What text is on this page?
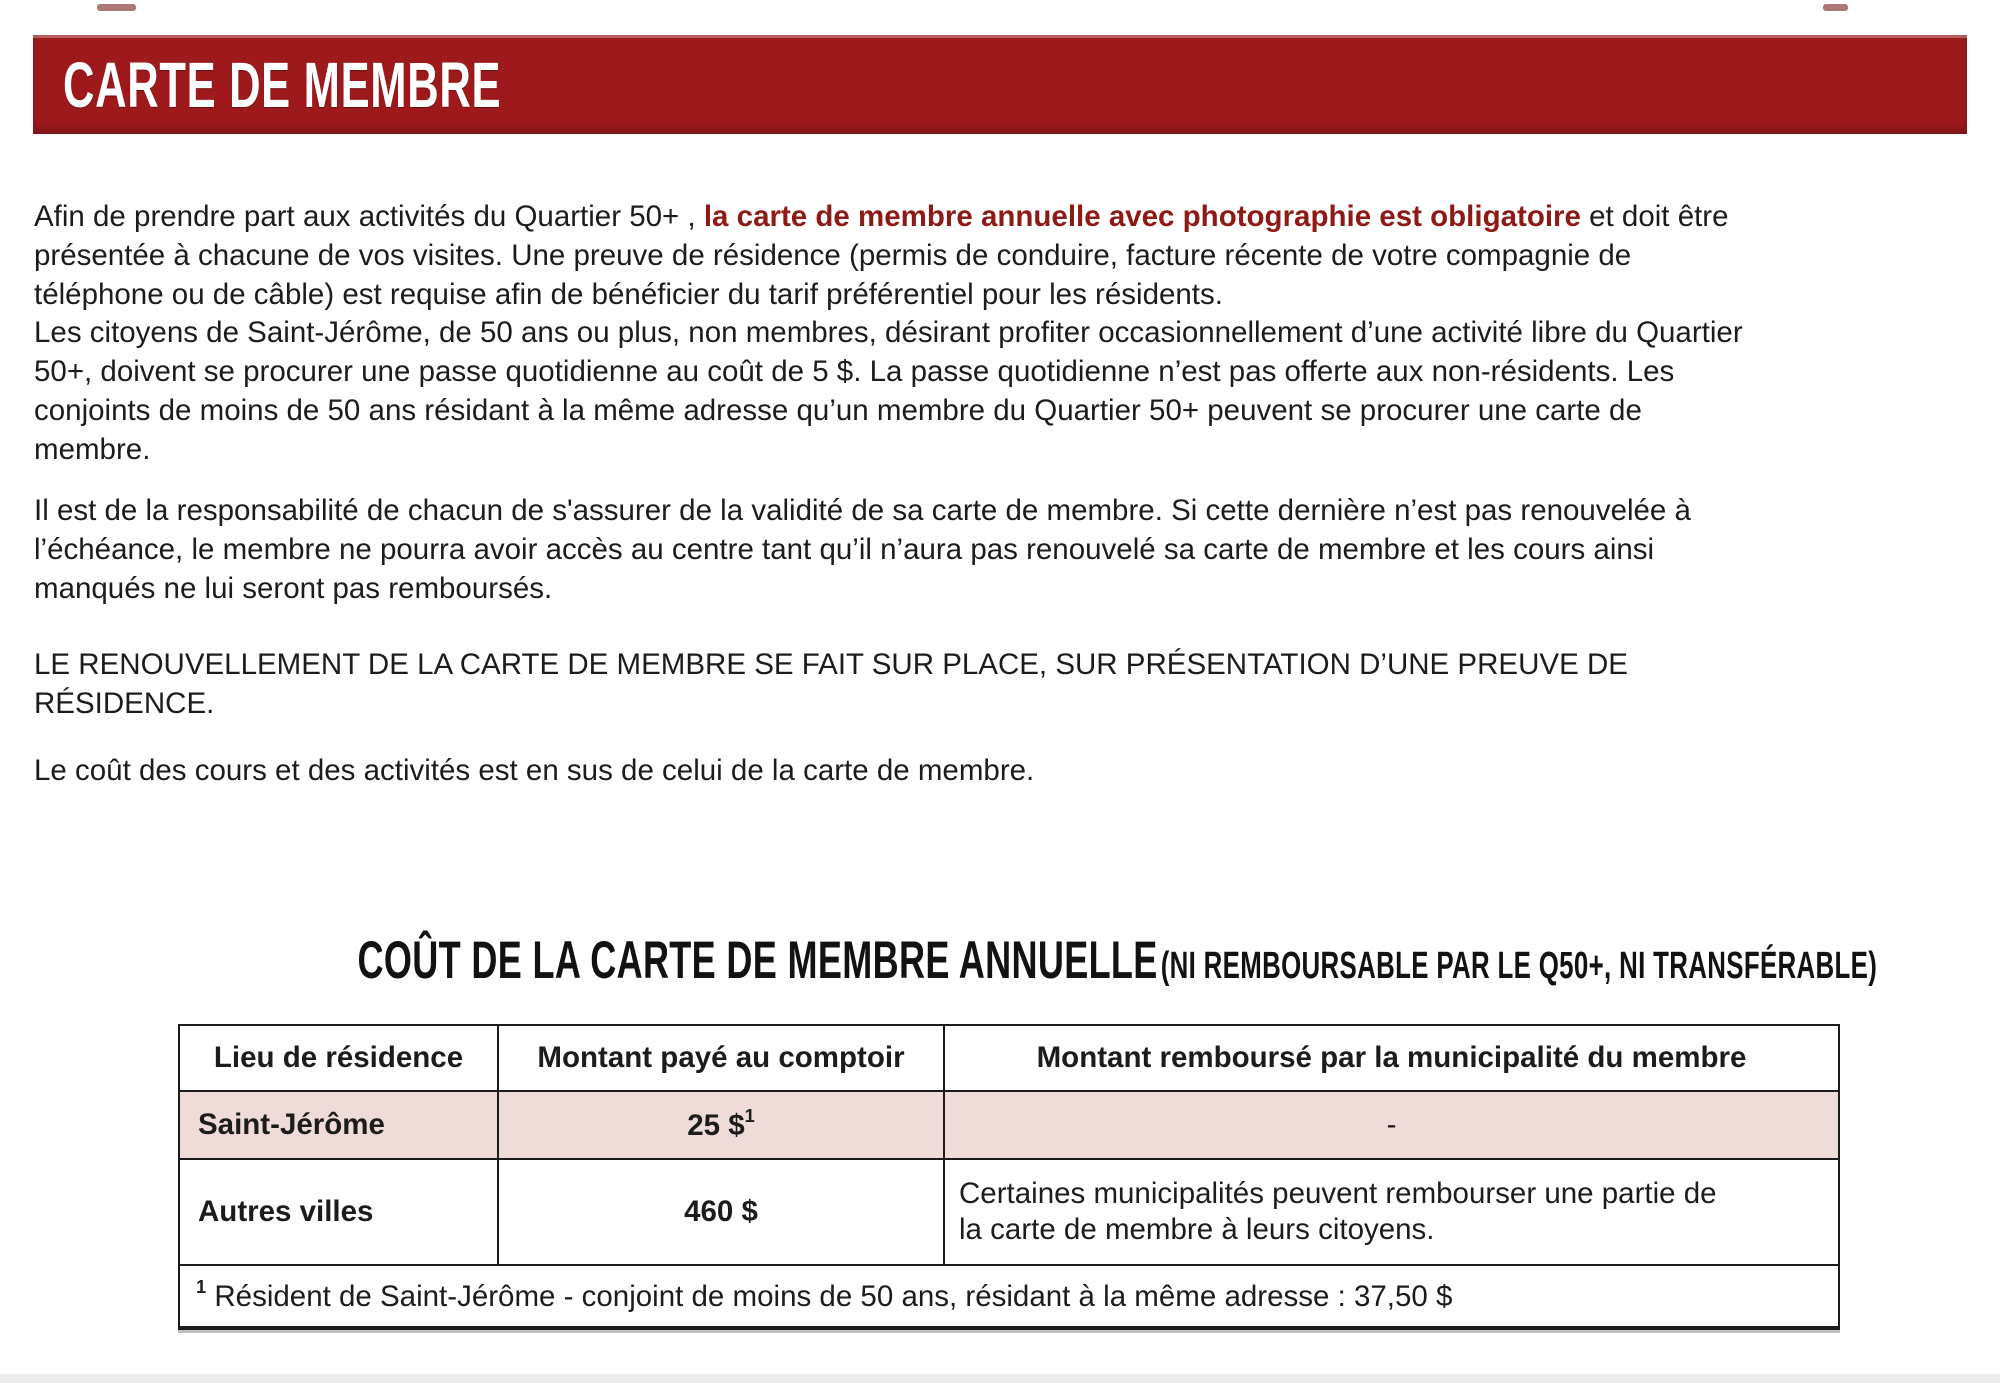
CARTE DE MEMBRE
Afin de prendre part aux activités du Quartier 50+ , la carte de membre annuelle avec photographie est obligatoire et doit être
présentée à chacune de vos visites. Une preuve de résidence (permis de conduire, facture récente de votre compagnie de
téléphone ou de câble) est requise afin de bénéficier du tarif préférentiel pour les résidents.
Les citoyens de Saint-Jérôme, de 50 ans ou plus, non membres, désirant profiter occasionnellement d’une activité libre du Quartier
50+, doivent se procurer une passe quotidienne au coût de 5 $. La passe quotidienne n’est pas offerte aux non-résidents. Les
conjoints de moins de 50 ans résidant à la même adresse qu’un membre du Quartier 50+ peuvent se procurer une carte de
membre.
Il est de la responsabilité de chacun de s'assurer de la validité de sa carte de membre. Si cette dernière n’est pas renouvelée à
l’échéance, le membre ne pourra avoir accès au centre tant qu’il n’aura pas renouvelé sa carte de membre et les cours ainsi
manqués ne lui seront pas remboursés.
LE RENOUVELLEMENT DE LA CARTE DE MEMBRE SE FAIT SUR PLACE, SUR PRÉSENTATION D’UNE PREUVE DE
RÉSIDENCE.
Le coût des cours et des activités est en sus de celui de la carte de membre.
COÛT DE LA CARTE DE MEMBRE ANNUELLE (NI REMBOURSABLE PAR LE Q50+, NI TRANSFÉRABLE)
Lieu de résidence	Montant payé au comptoir	Montant remboursé par la municipalité du membre
Saint-Jérôme	25 \$$^1$	-
Autres villes	460 $	Certaines municipalités peuvent rembourser une partie de la carte de membre à leurs citoyens.

$^1$ Résident de Saint-Jérôme - conjoint de moins de 50 ans, résidant à la même adresse : 37,50 $		
